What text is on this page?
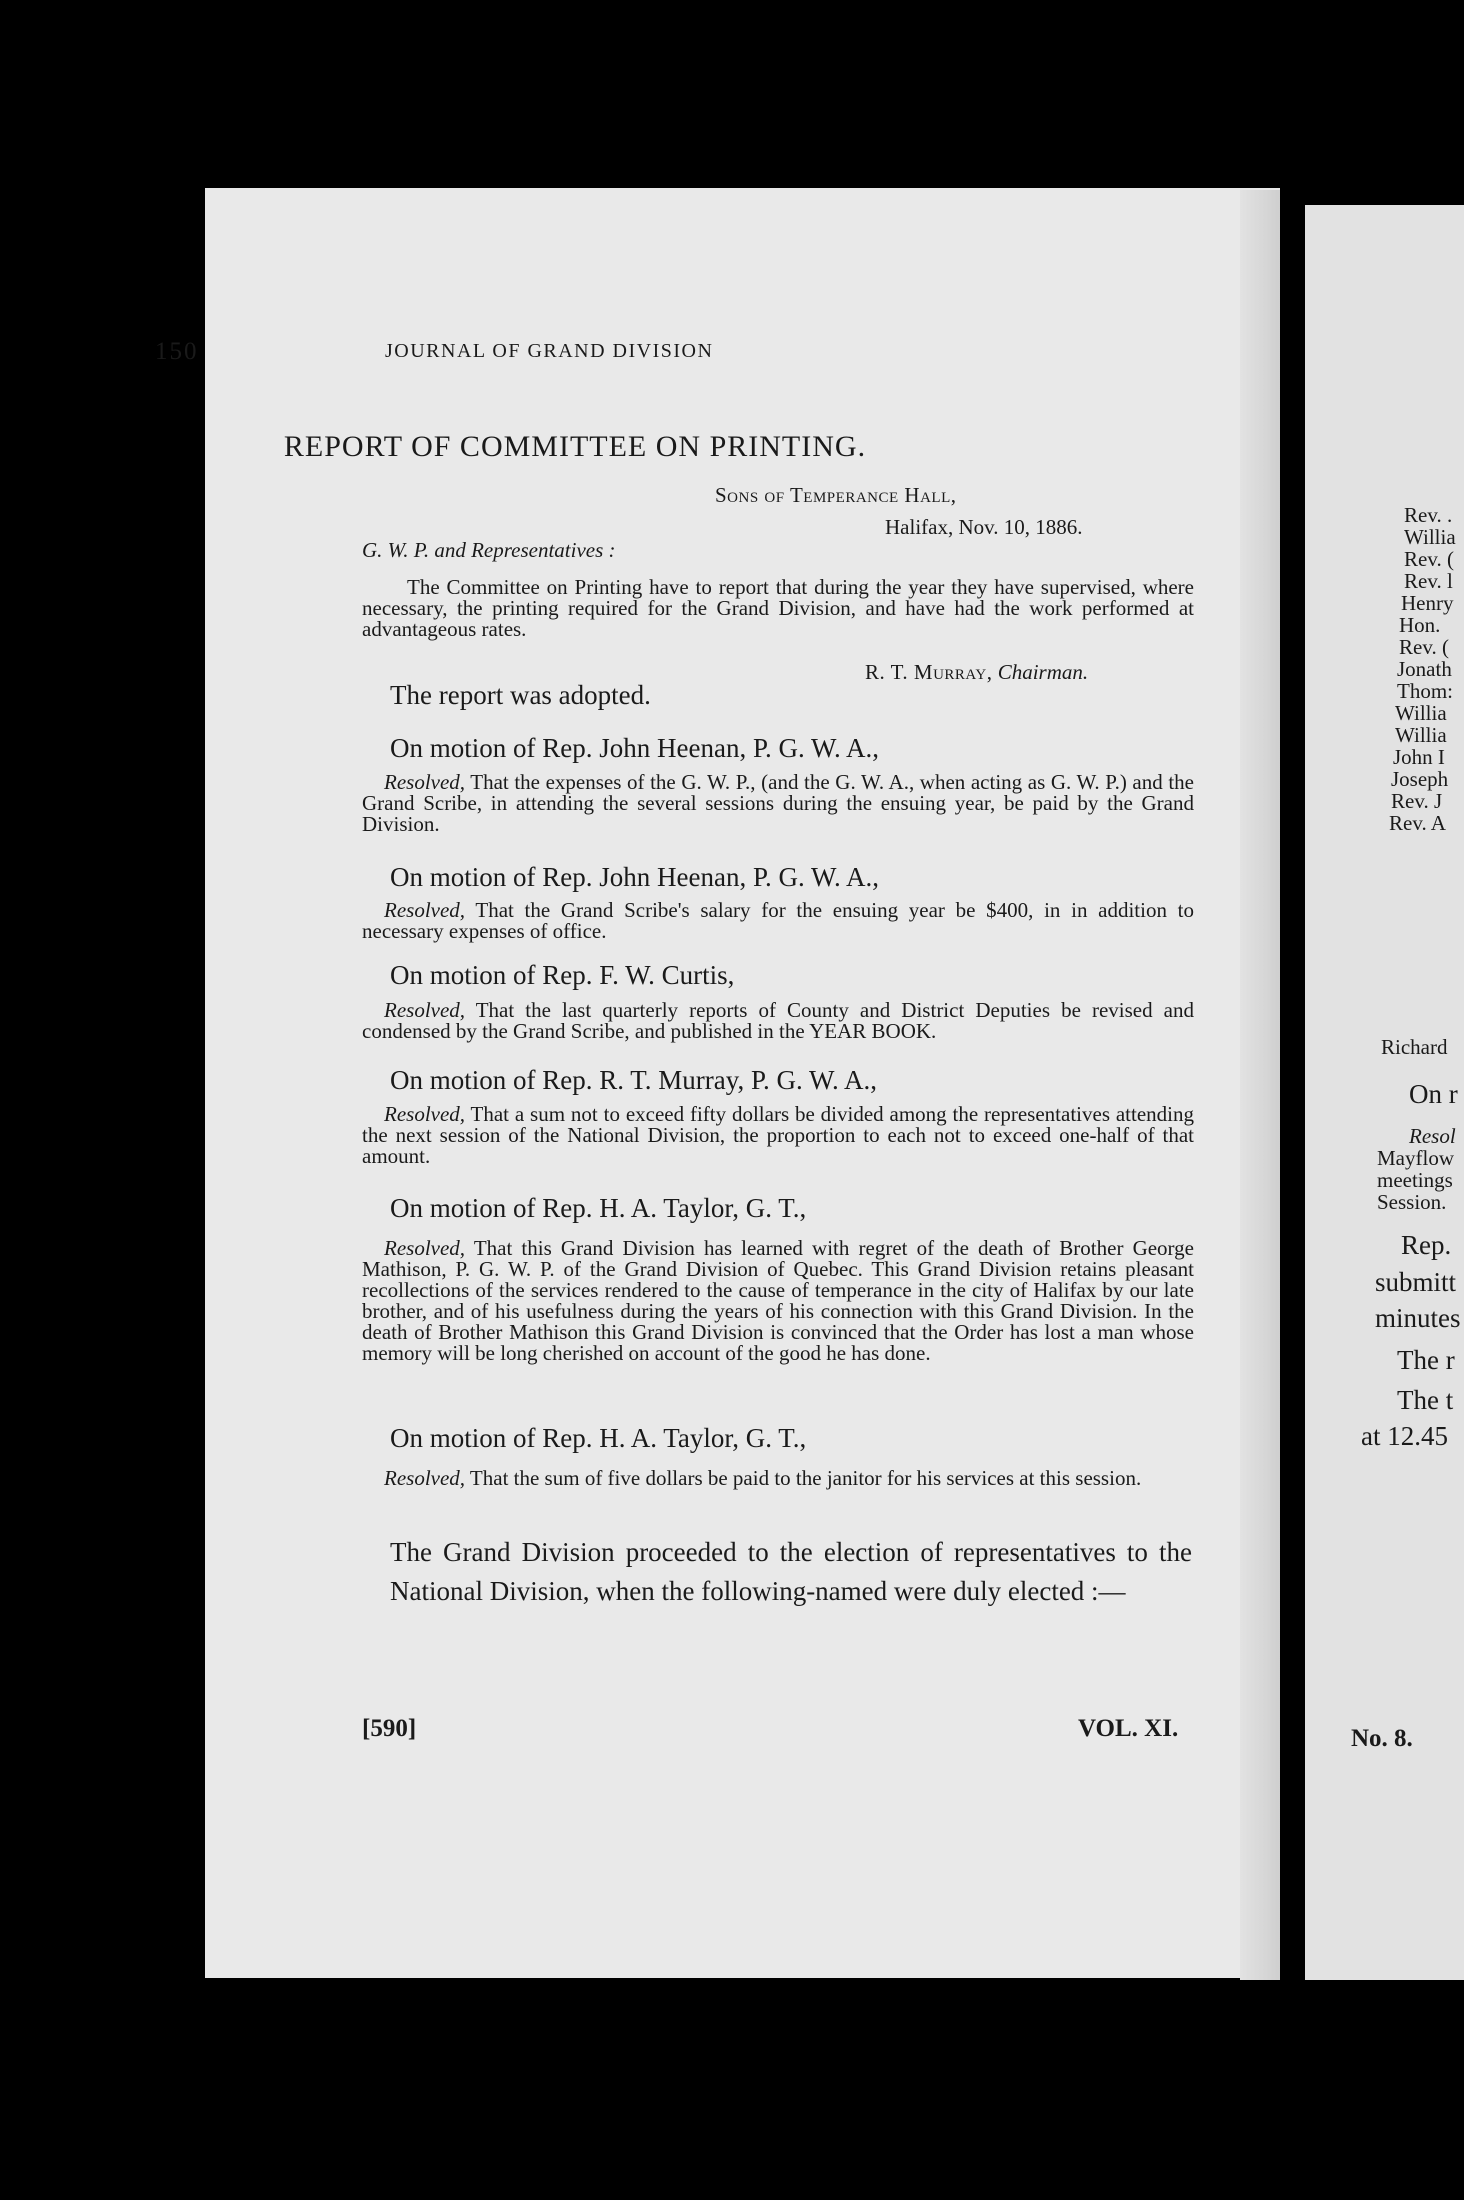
150	JOURNAL OF GRAND DIVISION
REPORT OF COMMITTEE ON PRINTING.
Sons of Temperance Hall,
Halifax, Nov. 10, 1886.
G. W. P. and Representatives :
The Committee on Printing have to report that during the year they have supervised, where necessary, the printing required for the Grand Division, and have had the work performed at advantageous rates.
R. T. Murray, Chairman.
The report was adopted.
On motion of Rep. John Heenan, P. G. W. A.,
Resolved, That the expenses of the G. W. P., (and the G. W. A., when acting as G. W. P.) and the Grand Scribe, in attending the several sessions during the ensuing year, be paid by the Grand Division.
On motion of Rep. John Heenan, P. G. W. A.,
Resolved, That the Grand Scribe's salary for the ensuing year be $400, in in addition to necessary expenses of office.
On motion of Rep. F. W. Curtis,
Resolved, That the last quarterly reports of County and District Deputies be revised and condensed by the Grand Scribe, and published in the YEAR BOOK.
On motion of Rep. R. T. Murray, P. G. W. A.,
Resolved, That a sum not to exceed fifty dollars be divided among the representatives attending the next session of the National Division, the proportion to each not to exceed one-half of that amount.
On motion of Rep. H. A. Taylor, G. T.,
Resolved, That this Grand Division has learned with regret of the death of Brother George Mathison, P. G. W. P. of the Grand Division of Quebec. This Grand Division retains pleasant recollections of the services rendered to the cause of temperance in the city of Halifax by our late brother, and of his usefulness during the years of his connection with this Grand Division. In the death of Brother Mathison this Grand Division is convinced that the Order has lost a man whose memory will be long cherished on account of the good he has done.
On motion of Rep. H. A. Taylor, G. T.,
Resolved, That the sum of five dollars be paid to the janitor for his services at this session.
The Grand Division proceeded to the election of representatives to the National Division, when the following-named were duly elected :—
[590]	VOL. XI.
Rev. .
Willia
Rev. (
Rev. l
Henry
Hon.
Rev. (
Jonath
Thom:
Willia
Willia
John I
Joseph
Rev. J
Rev. A
Richard
On r
Resol
Mayflow
meetings
Session.
Rep.
submitt
minutes
The r
The t
at 12.45
No. 8.
